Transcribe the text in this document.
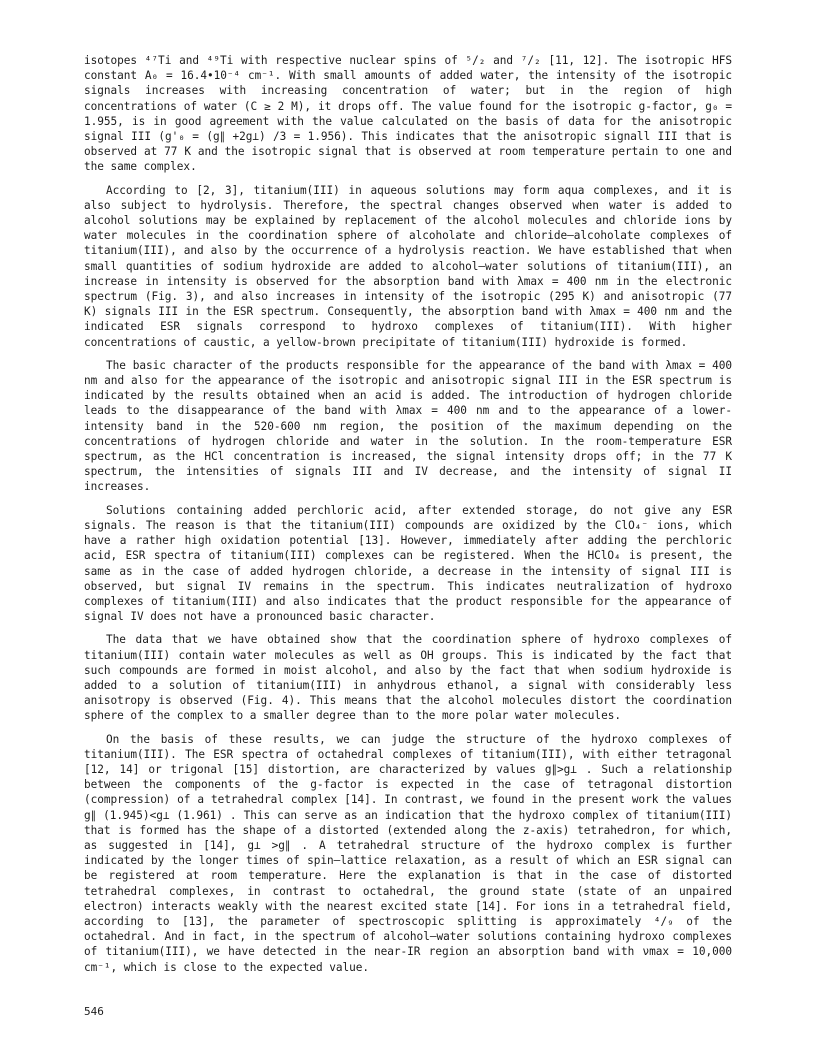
isotopes ⁴⁷Ti and ⁴⁹Ti with respective nuclear spins of ⁵/₂ and ⁷/₂ [11, 12]. The isotropic HFS constant A₀ = 16.4•10⁻⁴ cm⁻¹. With small amounts of added water, the intensity of the isotropic signals increases with increasing concentration of water; but in the region of high concentrations of water (C ≥ 2 M), it drops off. The value found for the isotropic g-factor, g₀ = 1.955, is in good agreement with the value calculated on the basis of data for the anisotropic signal III (g'₀ = (g∥ +2g⊥) /3 = 1.956). This indicates that the anisotropic signall III that is observed at 77 K and the isotropic signal that is observed at room temperature pertain to one and the same complex.

According to [2, 3], titanium(III) in aqueous solutions may form aqua complexes, and it is also subject to hydrolysis. Therefore, the spectral changes observed when water is added to alcohol solutions may be explained by replacement of the alcohol molecules and chloride ions by water molecules in the coordination sphere of alcoholate and chloride–alcoholate complexes of titanium(III), and also by the occurrence of a hydrolysis reaction. We have established that when small quantities of sodium hydroxide are added to alcohol–water solutions of titanium(III), an increase in intensity is observed for the absorption band with λmax = 400 nm in the electronic spectrum (Fig. 3), and also increases in intensity of the isotropic (295 K) and anisotropic (77 K) signals III in the ESR spectrum. Consequently, the absorption band with λmax = 400 nm and the indicated ESR signals correspond to hydroxo complexes of titanium(III). With higher concentrations of caustic, a yellow-brown precipitate of titanium(III) hydroxide is formed.

The basic character of the products responsible for the appearance of the band with λmax = 400 nm and also for the appearance of the isotropic and anisotropic signal III in the ESR spectrum is indicated by the results obtained when an acid is added. The introduction of hydrogen chloride leads to the disappearance of the band with λmax = 400 nm and to the appearance of a lower-intensity band in the 520-600 nm region, the position of the maximum depending on the concentrations of hydrogen chloride and water in the solution. In the room-temperature ESR spectrum, as the HCl concentration is increased, the signal intensity drops off; in the 77 K spectrum, the intensities of signals III and IV decrease, and the intensity of signal II increases.

Solutions containing added perchloric acid, after extended storage, do not give any ESR signals. The reason is that the titanium(III) compounds are oxidized by the ClO₄⁻ ions, which have a rather high oxidation potential [13]. However, immediately after adding the perchloric acid, ESR spectra of titanium(III) complexes can be registered. When the HClO₄ is present, the same as in the case of added hydrogen chloride, a decrease in the intensity of signal III is observed, but signal IV remains in the spectrum. This indicates neutralization of hydroxo complexes of titanium(III) and also indicates that the product responsible for the appearance of signal IV does not have a pronounced basic character.

The data that we have obtained show that the coordination sphere of hydroxo complexes of titanium(III) contain water molecules as well as OH groups. This is indicated by the fact that such compounds are formed in moist alcohol, and also by the fact that when sodium hydroxide is added to a solution of titanium(III) in anhydrous ethanol, a signal with considerably less anisotropy is observed (Fig. 4). This means that the alcohol molecules distort the coordination sphere of the complex to a smaller degree than to the more polar water molecules.

On the basis of these results, we can judge the structure of the hydroxo complexes of titanium(III). The ESR spectra of octahedral complexes of titanium(III), with either tetragonal [12, 14] or trigonal [15] distortion, are characterized by values g∥>g⊥ . Such a relationship between the components of the g-factor is expected in the case of tetragonal distortion (compression) of a tetrahedral complex [14]. In contrast, we found in the present work the values g∥ (1.945)<g⊥ (1.961) . This can serve as an indication that the hydroxo complex of titanium(III) that is formed has the shape of a distorted (extended along the z-axis) tetrahedron, for which, as suggested in [14], g⊥ >g∥ . A tetrahedral structure of the hydroxo complex is further indicated by the longer times of spin–lattice relaxation, as a result of which an ESR signal can be registered at room temperature. Here the explanation is that in the case of distorted tetrahedral complexes, in contrast to octahedral, the ground state (state of an unpaired electron) interacts weakly with the nearest excited state [14]. For ions in a tetrahedral field, according to [13], the parameter of spectroscopic splitting is approximately ⁴/₉ of the octahedral. And in fact, in the spectrum of alcohol–water solutions containing hydroxo complexes of titanium(III), we have detected in the near-IR region an absorption band with νmax = 10,000 cm⁻¹, which is close to the expected value.

546
